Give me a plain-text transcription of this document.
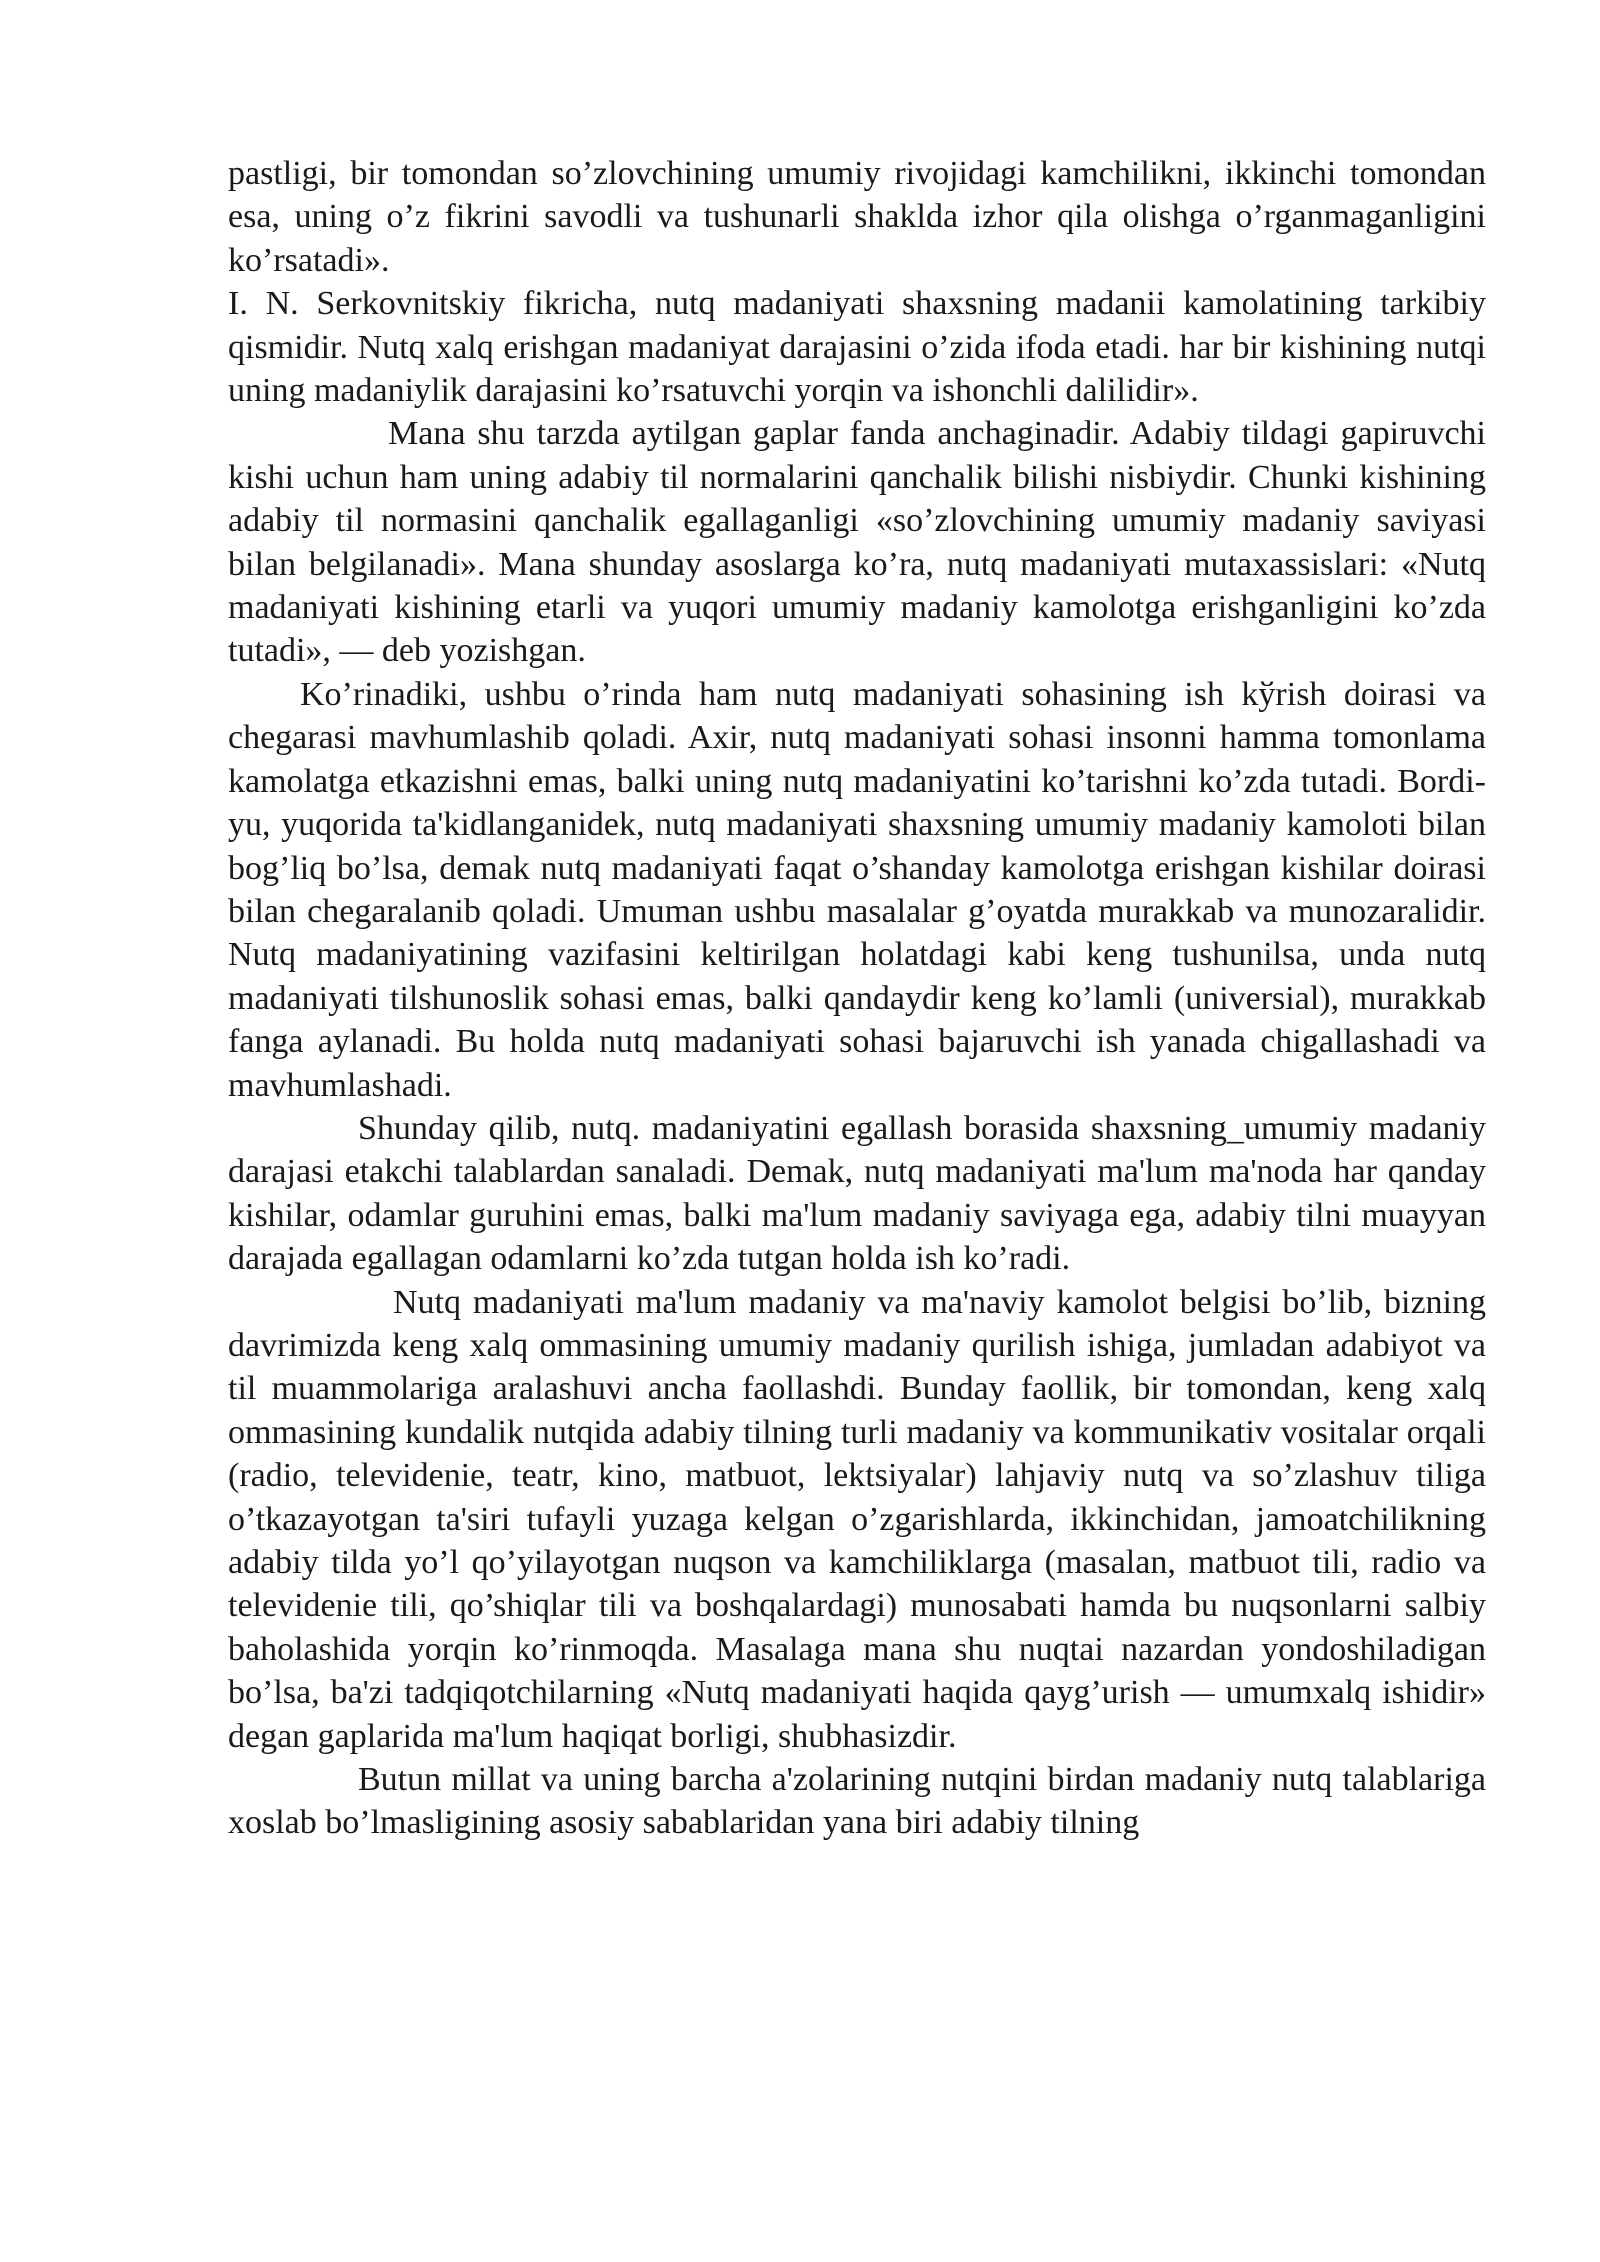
pastligi, bir tomondan so’zlovchining umumiy rivojidagi kamchilikni, ikkinchi tomondan esa, uning o’z fikrini savodli va tushunarli shaklda izhor qila olishga o’rganmaganligini ko’rsatadi».

I. N. Serkovnitskiy fikricha, nutq madaniyati shaxsning madanii kamolatining tarkibiy qismidir. Nutq xalq erishgan madaniyat darajasini o’zida ifoda etadi. har bir kishining nutqi uning madaniylik darajasini ko’rsatuvchi yorqin va ishonchli dalilidir».

Mana shu tarzda aytilgan gaplar fanda anchaginadir. Adabiy tildagi gapiruvchi kishi uchun ham uning adabiy til normalarini qanchalik bilishi nisbiydir. Chunki kishining adabiy til normasini qanchalik egallaganligi «so’zlovchining umumiy madaniy saviyasi bilan belgilanadi». Mana shunday asoslarga ko’ra, nutq madaniyati mutaxassislari: «Nutq madaniyati kishining etarli va yuqori umumiy madaniy kamolotga erishganligini ko’zda tutadi», — deb yozishgan.

Ko’rinadiki, ushbu o’rinda ham nutq madaniyati sohasining ish kўrish doirasi va chegarasi mavhumlashib qoladi. Axir, nutq madaniyati sohasi insonni hamma tomonlama kamolatga etkazishni emas, balki uning nutq madaniyatini ko’tarishni ko’zda tutadi. Bordi-yu, yuqorida ta'kidlanganidek, nutq madaniyati shaxsning umumiy madaniy kamoloti bilan bog’liq bo’lsa, demak nutq madaniyati faqat o’shanday kamolotga erishgan kishilar doirasi bilan chegaralanib qoladi. Umuman ushbu masalalar g’oyatda murakkab va munozaralidir. Nutq madaniyatining vazifasini keltirilgan holatdagi kabi keng tushunilsa, unda nutq madaniyati tilshunoslik sohasi emas, balki qandaydir keng ko’lamli (universial), murakkab fanga aylanadi. Bu holda nutq madaniyati sohasi bajaruvchi ish yanada chigallashadi va mavhumlashadi.

Shunday qilib, nutq. madaniyatini egallash borasida shaxsning_umumiy madaniy darajasi etakchi talablardan sanaladi. Demak, nutq madaniyati ma'lum ma'noda har qanday kishilar, odamlar guruhini emas, balki ma'lum madaniy saviyaga ega, adabiy tilni muayyan darajada egallagan odamlarni ko’zda tutgan holda ish ko’radi.

Nutq madaniyati ma'lum madaniy va ma'naviy kamolot belgisi bo’lib, bizning davrimizda keng xalq ommasining umumiy madaniy qurilish ishiga, jumladan adabiyot va til muammolariga aralashuvi ancha faollashdi. Bunday faollik, bir tomondan, keng xalq ommasining kundalik nutqida adabiy tilning turli madaniy va kommunikativ vositalar orqali (radio, televidenie, teatr, kino, matbuot, lektsiyalar) lahjaviy nutq va so’zlashuv tiliga o’tkazayotgan ta'siri tufayli yuzaga kelgan o’zgarishlarda, ikkinchidan, jamoatchilikning adabiy tilda yo’l qo’yilayotgan nuqson va kamchiliklarga (masalan, matbuot tili, radio va televidenie tili, qo’shiqlar tili va boshqalardagi) munosabati hamda bu nuqsonlarni salbiy baholashida yorqin ko’rinmoqda. Masalaga mana shu nuqtai nazardan yondoshiladigan bo’lsa, ba'zi tadqiqotchilarning «Nutq madaniyati haqida qayg’urish — umumxalq ishidir» degan gaplarida ma'lum haqiqat borligi, shubhasizdir.

Butun millat va uning barcha a'zolarining nutqini birdan madaniy nutq talablariga xoslab bo’lmasligining asosiy sabablaridan yana biri adabiy tilning
